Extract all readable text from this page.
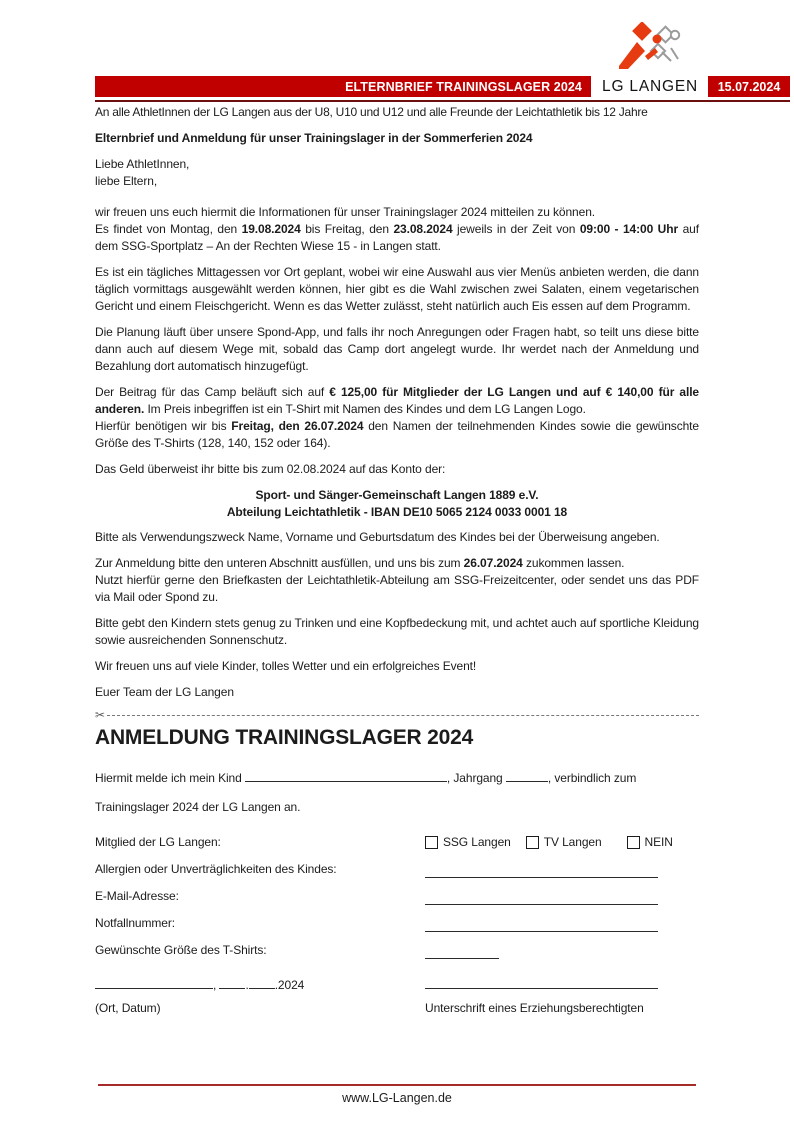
ELTERNBRIEF TRAININGSLAGER 2024 LG LANGEN	15.07.2024

An alle AthletInnen der LG Langen aus der U8, U10 und U12 und alle Freunde der Leichtathletik bis 12 Jahre

Elternbrief und Anmeldung für unser Trainingslager in der Sommerferien 2024

Liebe AthletInnen,
liebe Eltern,

wir freuen uns euch hiermit die Informationen für unser Trainingslager 2024 mitteilen zu können.
Es findet von Montag, den 19.08.2024 bis Freitag, den 23.08.2024 jeweils in der Zeit von 09:00 - 14:00 Uhr auf dem SSG-Sportplatz – An der Rechten Wiese 15 - in Langen statt.

Es ist ein tägliches Mittagessen vor Ort geplant, wobei wir eine Auswahl aus vier Menüs anbieten werden, die dann täglich vormittags ausgewählt werden können, hier gibt es die Wahl zwischen zwei Salaten, einem vegetarischen Gericht und einem Fleischgericht. Wenn es das Wetter zulässt, steht natürlich auch Eis essen auf dem Programm.

Die Planung läuft über unsere Spond-App, und falls ihr noch Anregungen oder Fragen habt, so teilt uns diese bitte dann auch auf diesem Wege mit, sobald das Camp dort angelegt wurde. Ihr werdet nach der Anmeldung und Bezahlung dort automatisch hinzugefügt.

Der Beitrag für das Camp beläuft sich auf € 125,00 für Mitglieder der LG Langen und auf € 140,00 für alle anderen. Im Preis inbegriffen ist ein T-Shirt mit Namen des Kindes und dem LG Langen Logo.
Hierfür benötigen wir bis Freitag, den 26.07.2024 den Namen der teilnehmenden Kindes sowie die gewünschte Größe des T-Shirts (128, 140, 152 oder 164).

Das Geld überweist ihr bitte bis zum 02.08.2024 auf das Konto der:

Sport- und Sänger-Gemeinschaft Langen 1889 e.V.
Abteilung Leichtathletik - IBAN DE10 5065 2124 0033 0001 18

Bitte als Verwendungszweck Name, Vorname und Geburtsdatum des Kindes bei der Überweisung angeben.

Zur Anmeldung bitte den unteren Abschnitt ausfüllen, und uns bis zum 26.07.2024 zukommen lassen.
Nutzt hierfür gerne den Briefkasten der Leichtathletik-Abteilung am SSG-Freizeitcenter, oder sendet uns das PDF via Mail oder Spond zu.

Bitte gebt den Kindern stets genug zu Trinken und eine Kopfbedeckung mit, und achtet auch auf sportliche Kleidung sowie ausreichenden Sonnenschutz.

Wir freuen uns auf viele Kinder, tolles Wetter und ein erfolgreiches Event!

Euer Team der LG Langen

✂
ANMELDUNG TRAININGSLAGER 2024
Hiermit melde ich mein Kind	, Jahrgang	, verbindlich zum
Trainingslager 2024 der LG Langen an.
Mitglied der LG Langen:	SSG Langen	TV Langen	NEIN
Allergien oder Unverträglichkeiten des Kindes:
E-Mail-Adresse:
Notfallnummer:
Gewünschte Größe des T-Shirts:
, . .2024
(Ort, Datum)	Unterschrift eines Erziehungsberechtigten
www.LG-Langen.de
